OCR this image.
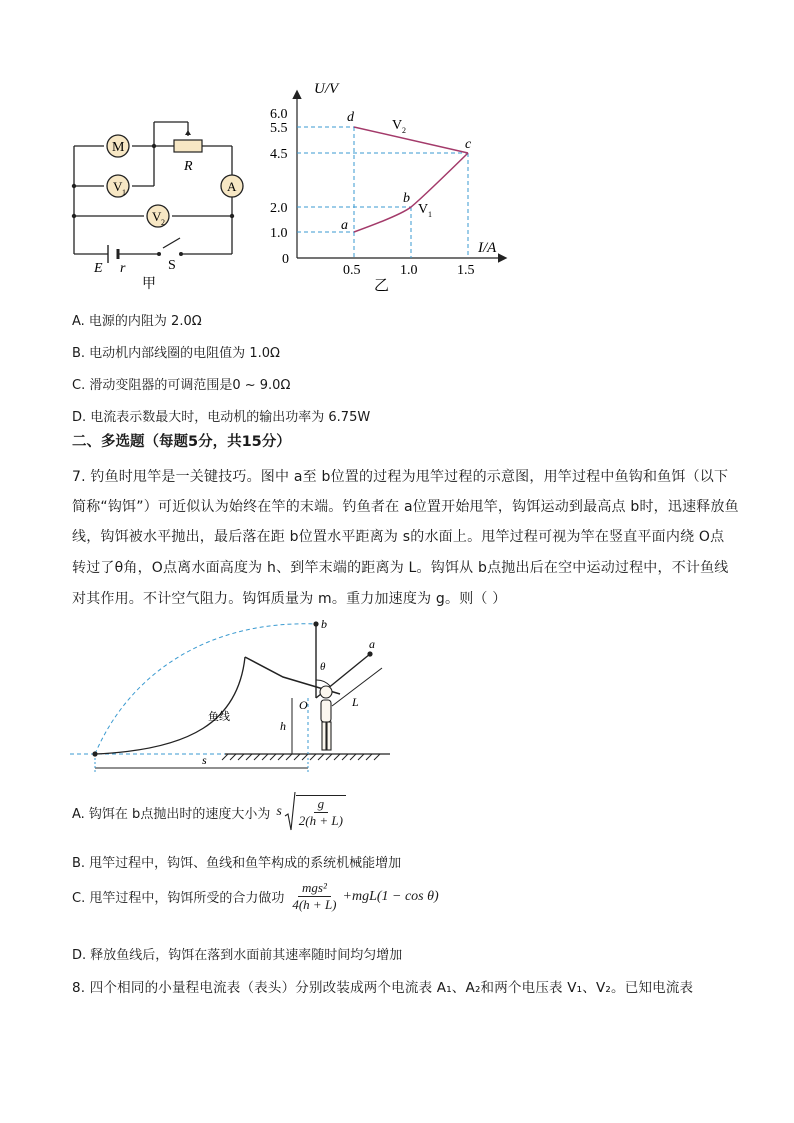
M
V 1	A
V 2
R
E r	S
甲
6.0
5.5
4.5
2.0
1.0
0.5	1.0	1.5
a
b
c
d
U/V
I/A
0
V 2
V 1
乙
A. 电源的内阻为 2.0Ω
B. 电动机内部线圈的电阻值为 1.0Ω
C. 滑动变阻器的可调范围是0 ~ 9.0Ω
D. 电流表示数最大时，电动机的输出功率为 6.75W
二、多选题（每题5分，共15分）
7. 钓鱼时甩竿是一关键技巧。图中 a至 b位置的过程为甩竿过程的示意图，用竿过程中鱼钩和鱼饵（以下
简称“钩饵”）可近似认为始终在竿的末端。钓鱼者在 a位置开始甩竿，钩饵运动到最高点 b时，迅速释放鱼
线，钩饵被水平抛出，最后落在距 b位置水平距离为 s的水面上。甩竿过程可视为竿在竖直平面内绕 O点
转过了θ角，O点离水面高度为 h、到竿末端的距离为 L。钩饵从 b点抛出后在空中运动过程中，不计鱼线
对其作用。不计空气阻力。钩饵质量为 m。重力加速度为 g。则（ ）
b
a
θ
O	L
h
s
鱼线
A. 钩饵在 b点抛出时的速度大小为 s $\frac{g}{2(h + L)}$
B. 甩竿过程中，钩饵、鱼线和鱼竿构成的系统机械能增加
C. 甩竿过程中，钩饵所受的合力做功
mgs²
4(h + L)
+mgL(1 − cos θ)
D. 释放鱼线后，钩饵在落到水面前其速率随时间均匀增加
8. 四个相同的小量程电流表（表头）分别改装成两个电流表 A₁、A₂和两个电压表 V₁、V₂。已知电流表
